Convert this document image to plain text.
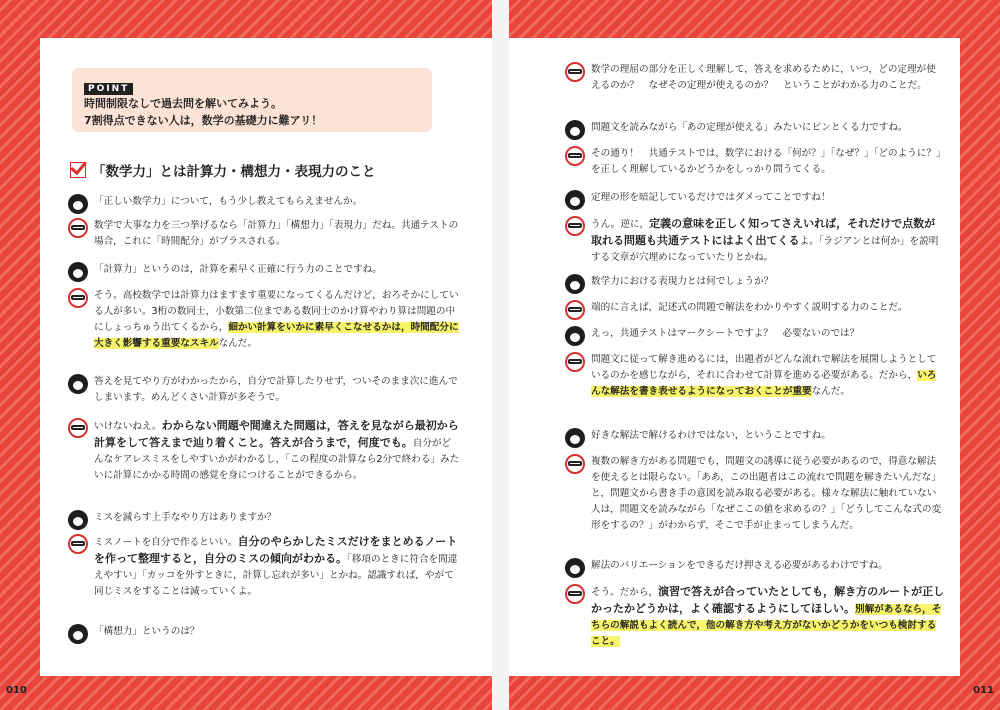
POINT
時間制限なしで過去問を解いてみよう。
7割得点できない人は，数学の基礎力に難アリ！
「数学力」とは計算力・構想力・表現力のこと
「正しい数学力」について，もう少し教えてもらえませんか。
数学で大事な力を三つ挙げるなら「計算力」「構想力」「表現力」だね。共通テストの場合，これに「時間配分」がプラスされる。
「計算力」というのは，計算を素早く正確に行う力のことですね。
そう。高校数学では計算力はますます重要になってくるんだけど，おろそかにしている人が多い。3桁の数同士，小数第二位まである数同士のかけ算やわり算は問題の中にしょっちゅう出てくるから，細かい計算をいかに素早くこなせるかは，時間配分に大きく影響する重要なスキルなんだ。
答えを見てやり方がわかったから，自分で計算したりせず，ついそのまま次に進んでしまいます。めんどくさい計算が多そうで。
いけないねえ。わからない問題や間違えた問題は，答えを見ながら最初から計算をして答えまで辿り着くこと。答えが合うまで，何度でも。自分がどんなケアレスミスをしやすいかがわかるし，「この程度の計算なら2分で終わる」みたいに計算にかかる時間の感覚を身につけることができるから。
ミスを減らす上手なやり方はありますか？
ミスノートを自分で作るといい。自分のやらかしたミスだけをまとめるノートを作って整理すると，自分のミスの傾向がわかる。「移項のときに符合を間違えやすい」「カッコを外すときに，計算し忘れが多い」とかね。認識すれば，やがて同じミスをすることは減っていくよ。
「構想力」というのは？
数学の理屈の部分を正しく理解して，答えを求めるために，いつ，どの定理が使えるのか？　なぜその定理が使えるのか？　ということがわかる力のことだ。
問題文を読みながら「あの定理が使える」みたいにピンとくる力ですね。
その通り！　共通テストでは，数学における「何が？」「なぜ？」「どのように？」を正しく理解しているかどうかをしっかり問うてくる。
定理の形を暗記しているだけではダメってことですね！
うん。逆に，定義の意味を正しく知ってさえいれば，それだけで点数が取れる問題も共通テストにはよく出てくるよ。「ラジアンとは何か」を説明する文章が穴埋めになっていたりとかね。
数学力における表現力とは何でしょうか？
端的に言えば，記述式の問題で解法をわかりやすく説明する力のことだ。
えっ，共通テストはマークシートですよ？　必要ないのでは？
問題文に従って解き進めるには，出題者がどんな流れで解法を展開しようとしているのかを感じながら，それに合わせて計算を進める必要がある。だから，いろんな解法を書き表せるようになっておくことが重要なんだ。
好きな解法で解けるわけではない，ということですね。
複数の解き方がある問題でも，問題文の誘導に従う必要があるので，得意な解法を使えるとは限らない。「ああ，この出題者はこの流れで問題を解きたいんだな」と，問題文から書き手の意図を読み取る必要がある。様々な解法に触れていない人は，問題文を読みながら「なぜここの値を求めるの？」「どうしてこんな式の変形をするの？」がわからず，そこで手が止まってしまうんだ。
解法のバリエーションをできるだけ押さえる必要があるわけですね。
そう。だから，演習で答えが合っていたとしても，解き方のルートが正しかったかどうかは，よく確認するようにしてほしい。別解があるなら，そちらの解説もよく読んで，他の解き方や考え方がないかどうかをいつも検討すること。
010	011
